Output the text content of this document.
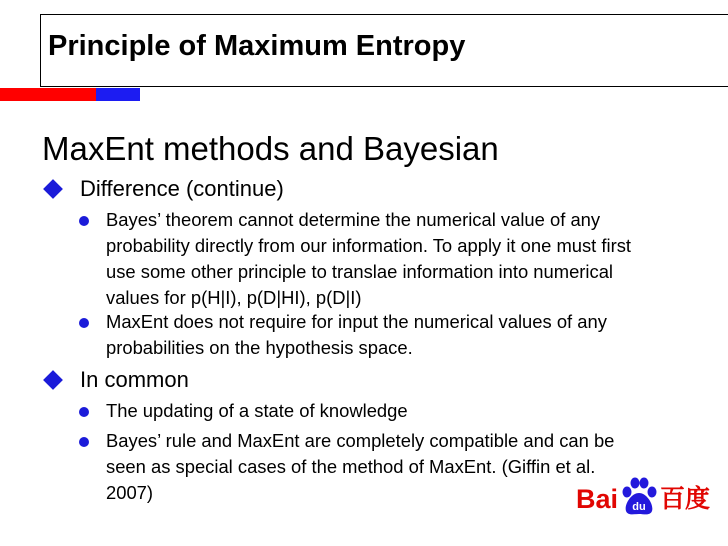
Principle of Maximum Entropy
MaxEnt methods and Bayesian
Difference (continue)
Bayes’ theorem cannot determine the numerical value of any
probability directly from our information. To apply it one must first
use some other principle to translae information into numerical
values for p(H|I), p(D|HI), p(D|I)
MaxEnt does not require for input the numerical values of any
probabilities on the hypothesis space.
In common
The updating of a state of knowledge
Bayes’ rule and MaxEnt are completely compatible and can be
seen as special cases of the method of MaxEnt. (Giffin et al.
2007)	Bai du 百度
